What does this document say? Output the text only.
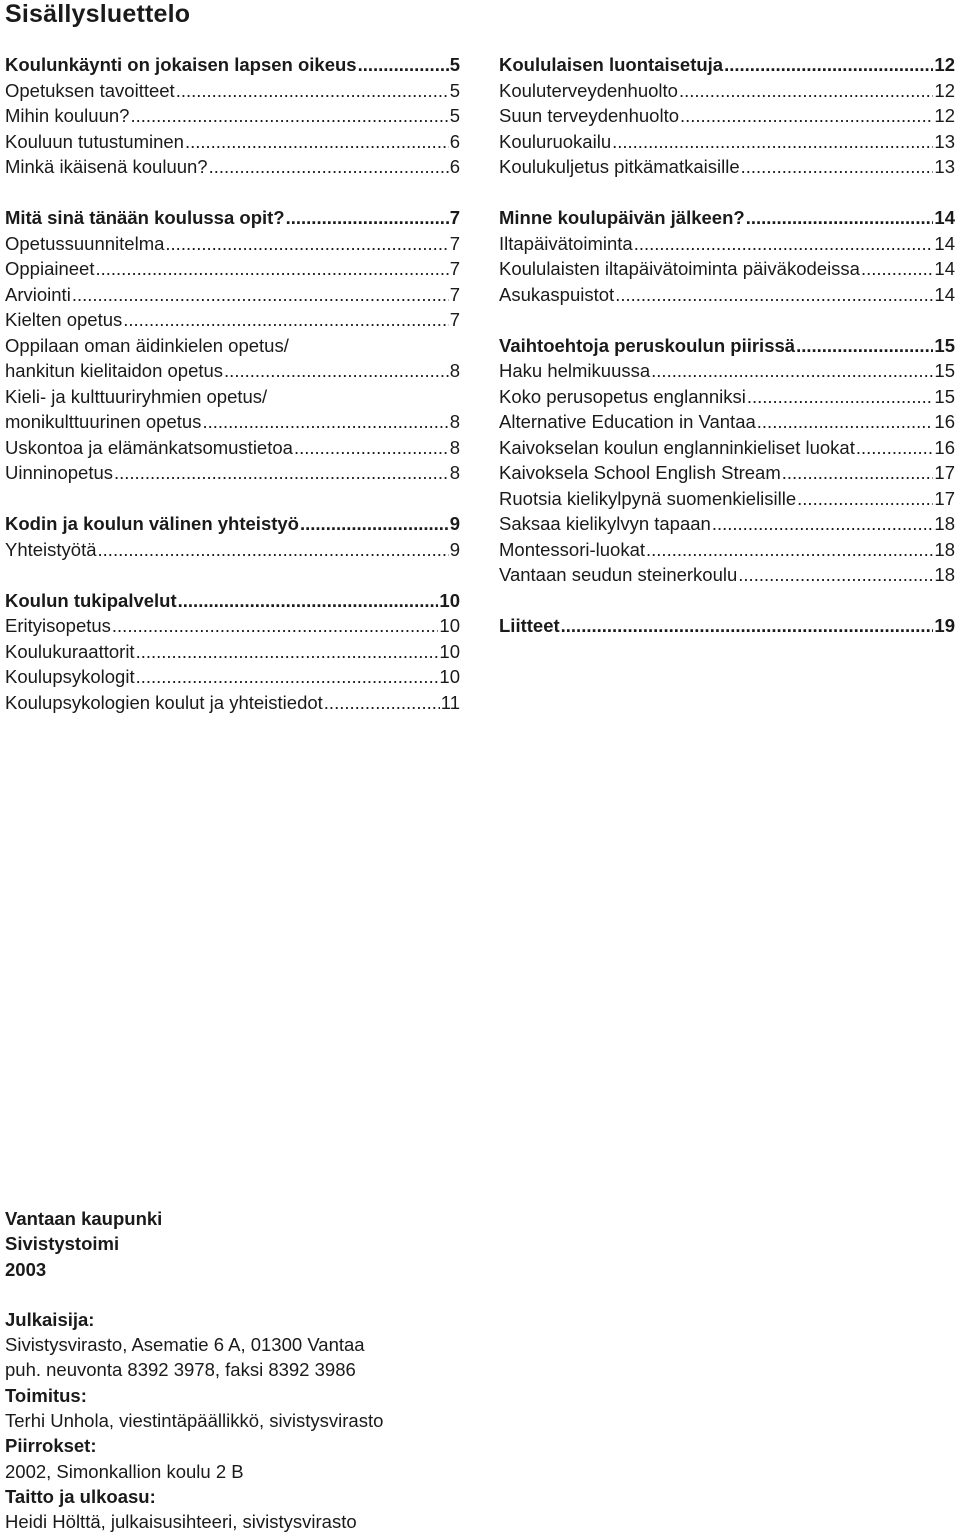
Sisällysluettelo
Koulunkäynti on jokaisen lapsen oikeus .....	5
Opetuksen tavoitteet .....	5
Mihin kouluun? .....	5
Kouluun tutustuminen .....	6
Minkä ikäisenä kouluun? .....	6
Mitä sinä tänään koulussa opit? .....	7
Opetussuunnitelma .....	7
Oppiaineet .....	7
Arviointi .....	7
Kielten opetus .....	7
Oppilaan oman äidinkielen opetus/
hankitun kielitaidon opetus .....	8
Kieli- ja kulttuuriryhmien opetus/
monikulttuurinen opetus .....	8
Uskontoa ja elämänkatsomustietoa .....	8
Uinninopetus .....	8
Kodin ja koulun välinen yhteistyö .....	9
Yhteistyötä .....	9
Koulun tukipalvelut .....	10
Erityisopetus .....	10
Koulukuraattorit .....	10
Koulupsykologit .....	10
Koulupsykologien koulut ja yhteistiedot .....	11
Koululaisen luontaisetuja .....	12
Kouluterveydenhuolto .....	12
Suun terveydenhuolto .....	12
Kouluruokailu .....	13
Koulukuljetus pitkämatkaisille .....	13
Minne koulupäivän jälkeen? .....	14
Iltapäivätoiminta .....	14
Koululaisten iltapäivätoiminta päiväkodeissa .....	14
Asukaspuistot .....	14
Vaihtoehtoja peruskoulun piirissä .....	15
Haku helmikuussa .....	15
Koko perusopetus englanniksi .....	15
Alternative Education in Vantaa .....	16
Kaivokselan koulun englanninkieliset luokat .....	16
Kaivoksela School English Stream .....	17
Ruotsia kielikylpynä suomenkielisille .....	17
Saksaa kielikylvyn tapaan .....	18
Montessori-luokat .....	18
Vantaan seudun steinerkoulu .....	18
Liitteet .....	19
Vantaan kaupunki
Sivistystoimi
2003
Julkaisija:
Sivistysvirasto, Asematie 6 A, 01300 Vantaa
puh. neuvonta 8392 3978, faksi 8392 3986
Toimitus:
Terhi Unhola, viestintäpäällikkö, sivistysvirasto
Piirrokset:
2002, Simonkallion koulu 2 B
Taitto ja ulkoasu:
Heidi Hölttä, julkaisusihteeri, sivistysvirasto
